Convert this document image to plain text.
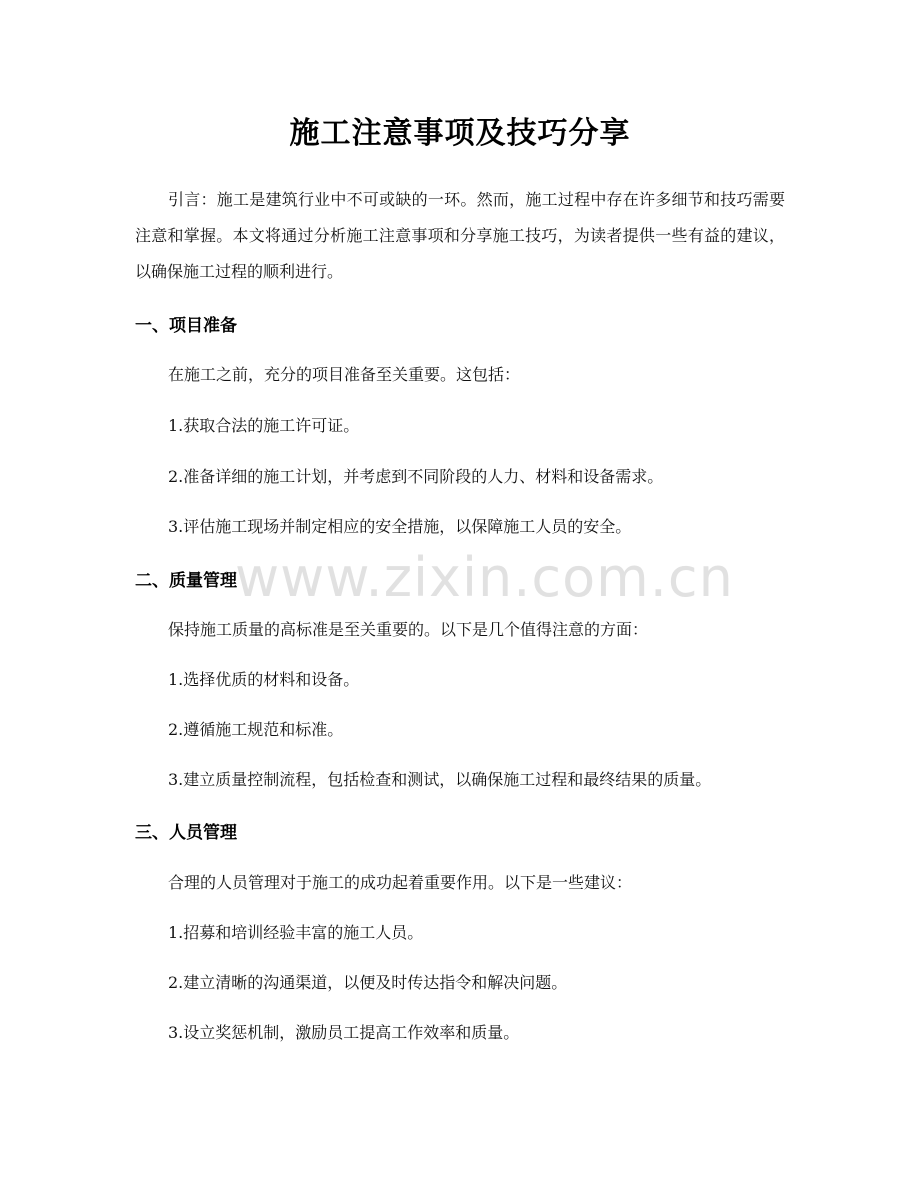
施工注意事项及技巧分享
引言：施工是建筑行业中不可或缺的一环。然而，施工过程中存在许多细节和技巧需要注意和掌握。本文将通过分析施工注意事项和分享施工技巧，为读者提供一些有益的建议，以确保施工过程的顺利进行。
一、项目准备
在施工之前，充分的项目准备至关重要。这包括：
1.获取合法的施工许可证。
2.准备详细的施工计划，并考虑到不同阶段的人力、材料和设备需求。
3.评估施工现场并制定相应的安全措施，以保障施工人员的安全。
二、质量管理
保持施工质量的高标准是至关重要的。以下是几个值得注意的方面：
1.选择优质的材料和设备。
2.遵循施工规范和标准。
3.建立质量控制流程，包括检查和测试，以确保施工过程和最终结果的质量。
三、人员管理
合理的人员管理对于施工的成功起着重要作用。以下是一些建议：
1.招募和培训经验丰富的施工人员。
2.建立清晰的沟通渠道，以便及时传达指令和解决问题。
3.设立奖惩机制，激励员工提高工作效率和质量。
www.zixin.com.cn
